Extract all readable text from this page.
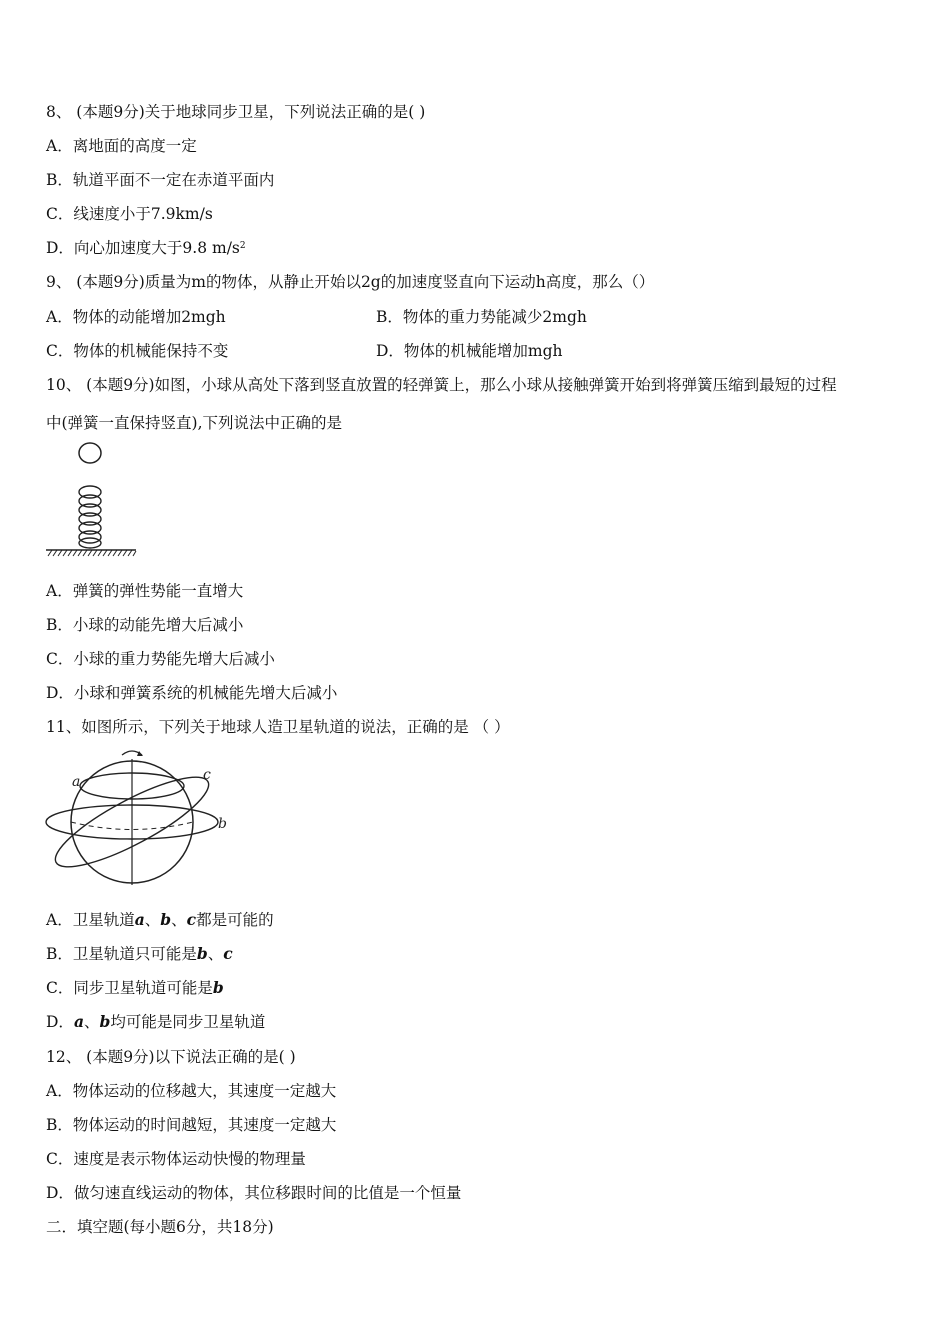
8、 (本题9分)关于地球同步卫星，下列说法正确的是( )
A．离地面的高度一定
B．轨道平面不一定在赤道平面内
C．线速度小于7.9km/s
D．向心加速度大于9.8 $m/s^2$
9、 (本题9分)质量为m的物体，从静止开始以2g的加速度竖直向下运动h高度，那么（）
A．物体的动能增加2mgh	B．物体的重力势能减少2mgh
C．物体的机械能保持不变	D．物体的机械能增加mgh
10、 (本题9分)如图，小球从高处下落到竖直放置的轻弹簧上，那么小球从接触弹簧开始到将弹簧压缩到最短的过程
中(弹簧一直保持竖直),下列说法中正确的是
A．弹簧的弹性势能一直增大
B．小球的动能先增大后减小
C．小球的重力势能先增大后减小
D．小球和弹簧系统的机械能先增大后减小
11、如图所示，下列关于地球人造卫星轨道的说法，正确的是 （ ）
a	c
b
A．卫星轨道a、b、c都是可能的
B．卫星轨道只可能是b、c
C．同步卫星轨道可能是b
D．a、b均可能是同步卫星轨道
12、 (本题9分)以下说法正确的是( )
A．物体运动的位移越大，其速度一定越大
B．物体运动的时间越短，其速度一定越大
C．速度是表示物体运动快慢的物理量
D．做匀速直线运动的物体，其位移跟时间的比值是一个恒量
二．填空题(每小题6分，共18分)
